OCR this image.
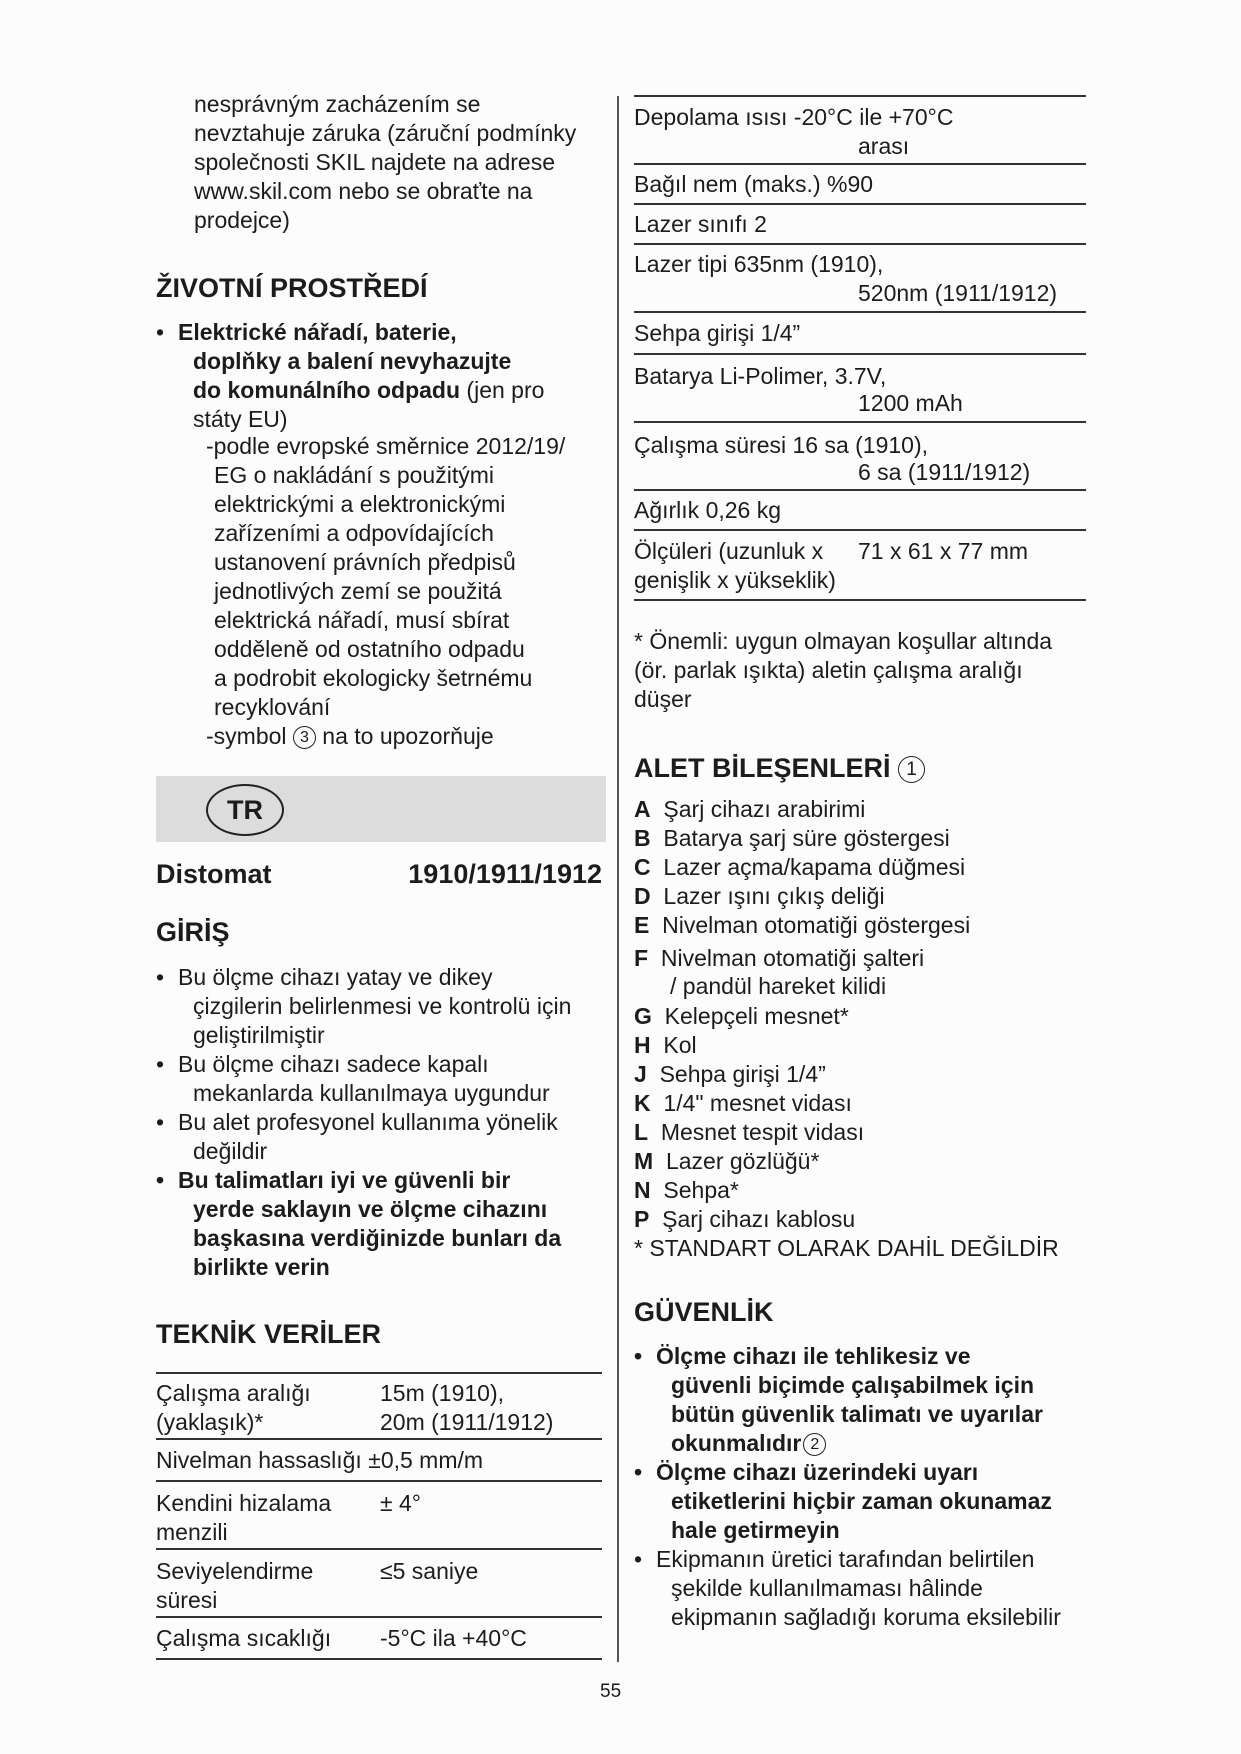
nesprávným zacházením se
nevztahuje záruka (záruční podmínky
společnosti SKIL najdete na adrese
www.skil.com nebo se obraťte na
prodejce)
ŽIVOTNÍ PROSTŘEDÍ
• Elektrické nářadí, baterie,
doplňky a balení nevyhazujte
do komunálního odpadu (jen pro
státy EU)
-podle evropské směrnice 2012/19/
EG o nakládání s použitými
elektrickými a elektronickými
zařízeními a odpovídajících
ustanovení právních předpisů
jednotlivých zemí se použitá
elektrická nářadí, musí sbírat
odděleně od ostatního odpadu
a podrobit ekologicky šetrnému
recyklování
-symbol 3 na to upozorňuje
Distomat	1910/1911/1912
GİRİŞ
• Bu ölçme cihazı yatay ve dikey
çizgilerin belirlenmesi ve kontrolü için
geliştirilmiştir
• Bu ölçme cihazı sadece kapalı
mekanlarda kullanılmaya uygundur
• Bu alet profesyonel kullanıma yönelik
değildir
• Bu talimatları iyi ve güvenli bir
yerde saklayın ve ölçme cihazını
başkasına verdiğinizde bunları da
birlikte verin
TEKNİK VERİLER
Çalışma aralığı
(yaklaşık)*
15m (1910),
20m (1911/1912)
Nivelman hassaslığı ±0,5 mm/m
Kendini hizalama
menzili
± 4°
Seviyelendirme
süresi
≤5 saniye
Çalışma sıcaklığı -5°C ila +40°C
TR
Depolama ısısı -20°C ile +70°C
arası
Bağıl nem (maks.) %90
Lazer sınıfı 2
Lazer tipi 635nm (1910),
520nm (1911/1912)
Sehpa girişi 1/4”
Batarya Li-Polimer, 3.7V,
1200 mAh
Çalışma süresi 16 sa (1910),
6 sa (1911/1912)
Ağırlık 0,26 kg
Ölçüleri (uzunluk x
genişlik x yükseklik)
71 x 61 x 77 mm
* Önemli: uygun olmayan koşullar altında
(ör. parlak ışıkta) aletin çalışma aralığı
düşer
ALET BİLEŞENLERİ 1
A Şarj cihazı arabirimi
B Batarya şarj süre göstergesi
C Lazer açma/kapama düğmesi
D Lazer ışını çıkış deliği
E Nivelman otomatiği göstergesi
F Nivelman otomatiği şalteri
/ pandül hareket kilidi
G Kelepçeli mesnet*
H Kol
J Sehpa girişi 1/4”
K 1/4" mesnet vidası
L Mesnet tespit vidası
M Lazer gözlüğü*
N Sehpa*
P Şarj cihazı kablosu
* STANDART OLARAK DAHİL DEĞİLDİR
GÜVENLİK
• Ölçme cihazı ile tehlikesiz ve
güvenli biçimde çalışabilmek için
bütün güvenlik talimatı ve uyarılar
okunmalıdır 2
• Ölçme cihazı üzerindeki uyarı
etiketlerini hiçbir zaman okunamaz
hale getirmeyin
• Ekipmanın üretici tarafından belirtilen
şekilde kullanılmaması hâlinde
ekipmanın sağladığı koruma eksilebilir
55
